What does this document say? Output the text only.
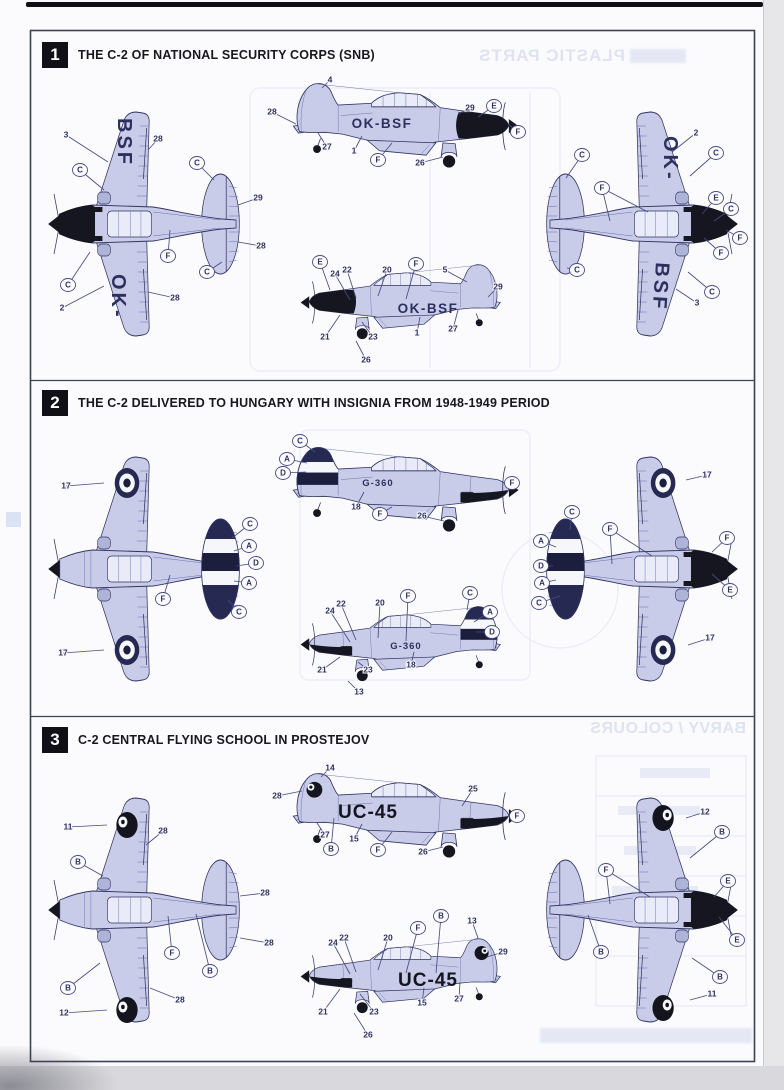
PLASTIC PARTS
BARVY / COLOURS
BSF
OK-
OK-
BSF
OK-BSF
OK-BSF
G-360
G-360
UC-45
UC-45
3	28
C
C
29
28
C
F
C
2
28
4
28
27 1
F	26
29 E
F
E
24 22	20
F
5
29
21	23
26
1	27
2
C
C
F
C
E
C
F
F
C
3
17
17
F
C
A
D
A
C
C
A
D
18
F	26
F
24
22	20
F	C
A
D
21	23
13
18
17
17
C
A
D
A
C
F
F
E
11	28
B
B
12
28
F
B
28
28
14
28
27
B
15
F	26
25
F
24 22	20
F
B	13
29
21	23
26
15	27
12
B
F
B
E
E
B
11
1 THE C-2 OF NATIONAL SECURITY CORPS (SNB)
2 THE C-2 DELIVERED TO HUNGARY WITH INSIGNIA FROM 1948-1949 PERIOD
3 C-2 CENTRAL FLYING SCHOOL IN PROSTEJOV
